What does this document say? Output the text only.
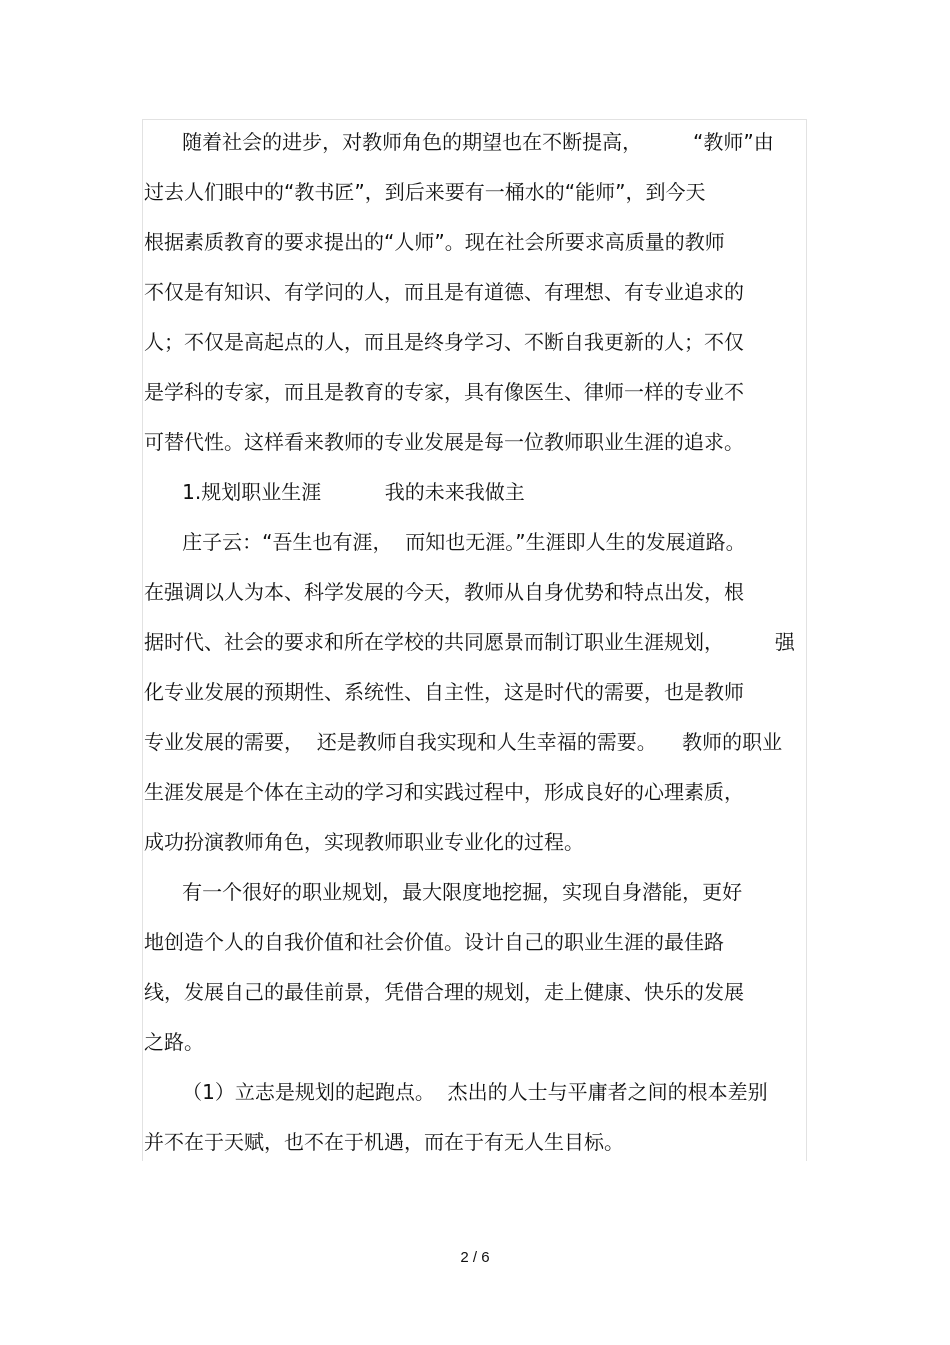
随着社会的进步，对教师角色的期望也在不断提高，        “教师”由
过去人们眼中的“教书匠”，到后来要有一桶水的“能师”，到今天
根据素质教育的要求提出的“人师”。现在社会所要求高质量的教师
不仅是有知识、有学问的人，而且是有道德、有理想、有专业追求的
人；不仅是高起点的人，而且是终身学习、不断自我更新的人；不仅
是学科的专家，而且是教育的专家，具有像医生、律师一样的专业不
可替代性。这样看来教师的专业发展是每一位教师职业生涯的追求。
1.规划职业生涯          我的未来我做主
庄子云：“吾生也有涯，  而知也无涯。”生涯即人生的发展道路。
在强调以人为本、科学发展的今天，教师从自身优势和特点出发，根
据时代、社会的要求和所在学校的共同愿景而制订职业生涯规划，        强
化专业发展的预期性、系统性、自主性，这是时代的需要，也是教师
专业发展的需要，  还是教师自我实现和人生幸福的需要。    教师的职业
生涯发展是个体在主动的学习和实践过程中，形成良好的心理素质，
成功扮演教师角色，实现教师职业专业化的过程。
有一个很好的职业规划，最大限度地挖掘，实现自身潜能，更好
地创造个人的自我价值和社会价值。设计自己的职业生涯的最佳路
线，发展自己的最佳前景，凭借合理的规划，走上健康、快乐的发展
之路。
（1）立志是规划的起跑点。  杰出的人士与平庸者之间的根本差别
并不在于天赋，也不在于机遇，而在于有无人生目标。
2 / 6
